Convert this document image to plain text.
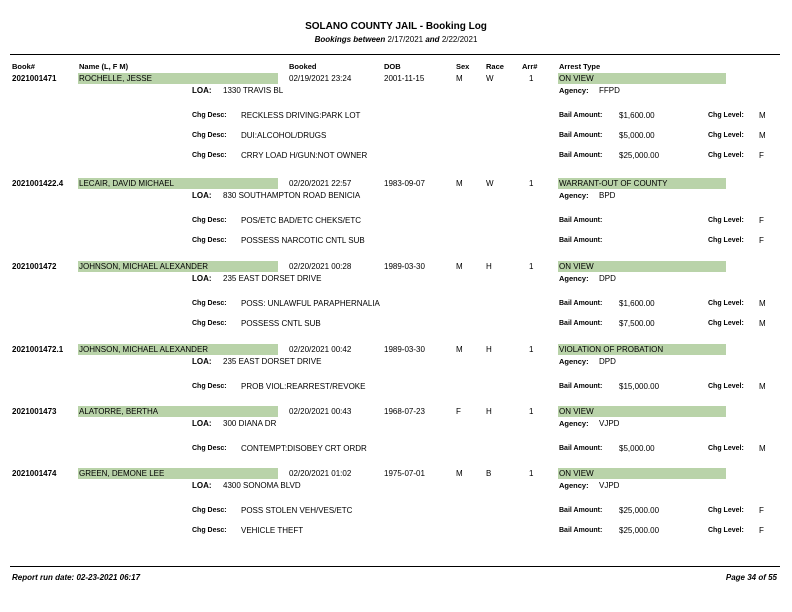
SOLANO COUNTY JAIL - Booking Log
Bookings between 2/17/2021 and 2/22/2021
Book#	Name (L, F M)	Booked	DOB	Sex Race Arr#	Arrest Type
2021001471	ROCHELLE, JESSE	02/19/2021 23:24	2001-11-15	M	W	1	ON VIEW
LOA: 1330 TRAVIS BL	Agency: FFPD
Chg Desc: RECKLESS DRIVING:PARK LOT	Bail Amount: $1,600.00	Chg Level: M
Chg Desc: DUI:ALCOHOL/DRUGS	Bail Amount: $5,000.00	Chg Level: M
Chg Desc: CRRY LOAD H/GUN:NOT OWNER	Bail Amount: $25,000.00	Chg Level: F
2021001422.4 LECAIR, DAVID MICHAEL	02/20/2021 22:57	1983-09-07	M	W	1	WARRANT-OUT OF COUNTY
LOA: 830 SOUTHAMPTON ROAD BENICIA	Agency: BPD
Chg Desc: POS/ETC BAD/ETC CHEKS/ETC	Bail Amount:	Chg Level: F
Chg Desc: POSSESS NARCOTIC CNTL SUB	Bail Amount:	Chg Level: F
2021001472	JOHNSON, MICHAEL ALEXANDER	02/20/2021 00:28	1989-03-30	M	H	1	ON VIEW
LOA: 235 EAST DORSET DRIVE	Agency: DPD
Chg Desc: POSS: UNLAWFUL PARAPHERNALIA	Bail Amount: $1,600.00	Chg Level: M
Chg Desc: POSSESS CNTL SUB	Bail Amount: $7,500.00	Chg Level: M
2021001472.1 JOHNSON, MICHAEL ALEXANDER	02/20/2021 00:42	1989-03-30	M	H	1	VIOLATION OF PROBATION
LOA: 235 EAST DORSET DRIVE	Agency: DPD
Chg Desc: PROB VIOL:REARREST/REVOKE	Bail Amount: $15,000.00	Chg Level: M
2021001473	ALATORRE, BERTHA	02/20/2021 00:43	1968-07-23	F	H	1	ON VIEW
LOA: 300 DIANA DR	Agency: VJPD
Chg Desc: CONTEMPT:DISOBEY CRT ORDR	Bail Amount: $5,000.00	Chg Level: M
2021001474	GREEN, DEMONE LEE	02/20/2021 01:02	1975-07-01	M	B	1	ON VIEW
LOA: 4300 SONOMA BLVD	Agency: VJPD
Chg Desc: POSS STOLEN VEH/VES/ETC	Bail Amount: $25,000.00	Chg Level: F
Chg Desc: VEHICLE THEFT	Bail Amount: $25,000.00	Chg Level: F
Report run date: 02-23-2021 06:17	Page 34 of 55
